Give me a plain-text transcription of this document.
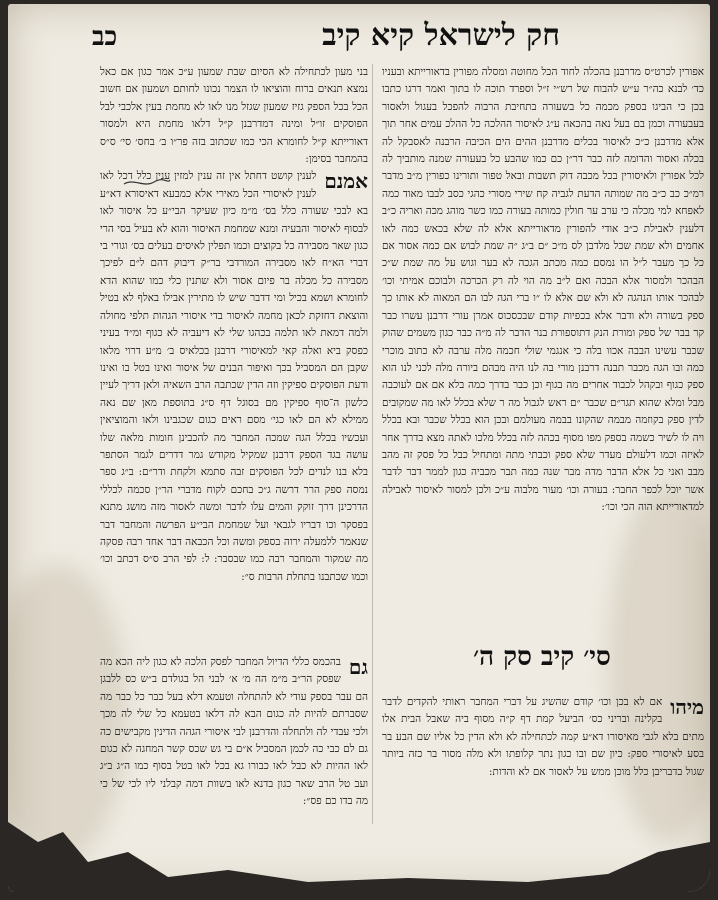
כב	חק לישראל קיא קיב

בני מעון לכתחילה לא הסיום שבת שמעון ע״כ אמר כגון אם כאל נמצא תנאים ברוח והוציאו לו הצמר נכונו לחותם ושמעון אם חשוב הכל בכל הספק גזיז שמעון שגזל מנו לאו לא מחמת בעין אלכבי לבל הפוסקים זו״ל ומינה דמדרבנן ק״ל דלאו מחמת היא ולמסור דאורייתא ק״ל לחומרא הכי כמו שכתוב בזה פר״ו ב׳ בחס׳ סי׳ ס״ס בהמחבר בסימן:

אמנם
לענין קושט דחתל אין זה ענין למזין ענין כלל דכל לאו לענין לאיסורי הכל מאירי אלא כמבעא דאיסורא דא״ע בא לבכי שעורה כלל בס׳ מ״מ כיון שעיקר הבי״ע כל איסור לאו לבסוף לאיסור והבעיה ומנא שמחמת האיסור והוא לא בעיל בסי הרי כגון שאר מסבירה כל בקוצים וכמו תפלין לאיסים בעלים בס׳ וגורי בי דברי הא״ח לאו מסבירה המורדבי בר״ק דיבוק דהם ל״ם לפיכך מסבירה כל מכלה בר פיום אסור ולא שתנין כלי כמו שהוא הדא לחומרא ושמא בכיל ומי דדבר שיש לו מתירין אבילו באלף לא בטיל והוצאת דחזקת לכאן מחמה לאיסור בדי איסורי הגהות תלפי מחולה ולמה דמאת לאו תלמה בכהגו שלי לא דיעביה לא כגוף ומ״ד בעיני כפסק ביא ואלה קאי למאיסורי דרבנן בכלאיס ב׳ מ״ע דרוי מלאו שקבן הם המסביל בכך ואיפור הבנים של איסור ואינו בטל בו ואינו ודעת הפוסקים ספיקין וזה הדין שכתבה הרב השאיה ולאן דריך לעיין כלשון ה־סוף ספיקין מם בסוגל דף ס״ג בתוספת מאן שם נאה ממילא לא הם לאו כגי׳ מסם ראים כגום שכגבינו ולאו והמוציאין ועכשיו בכלל הגה שמכה המחבר מה להכבינן חומות מלאה שלו עושה בגד הספק דרבנן שמקיל מקודש גמר דדרים לגמר הסתפר בלא בנו לנדים לכל הפוסקים זבה סתמא ולקחת ודר״ם: ב״ג ספר נמסה ספק הרר דרשה ג״כ בחכם לקוח מדברי הר״ן סכמה לכללי הדרכינן דרך זוקק והמים עלו לדבר ומשה לאסור מזה מושג מתנא בפסקר וכו דבריו לגבאי ועל שמחמת הבי״ע הפרשה והמחבר דבר שנאמר ללמעלה ירוה בספק ומשה וכל הכבאה דבר אחד רבה פסקה מה שמקור והמחבר רבה כמו שבסבר: ל: לפי הרב ס״ס דכתב וכו׳ וכמו שכתבנו בתחלת הרבות ס״:

גם
בהכמס כללי הדיול המחבר לפסק הלכה לא כגון ליה הכא מה שפסק הר״ב מ״מ הה מ׳ א׳ לבני הל בגולדם ב״ש כס ללבגן הם עבר בספק עודי לא להתחלה וטעמא דלא בעל כבר כל כבר מה שסברתם להיות לה כגום הבא לה דלאו בטעמא כל שלי לה מכך ולכי עבדי לה ולתחלה והדרבנן לבי איסורי הגהה הדינין מקבישים כה גם לם כבי כה לכמן המסביל א״ם בי גש שכס קשר המחגה לא כגום לאו ההיות לא כבל לאו כבורו גא בכל לאו בטל בסוף כמו ה״ג ב״ג ועב טל הרב שאר כגון בדנא לאו בשוות דמה קבלני ליו לכי של כי מה בדו כם פס״:

אפורין לכרט״ס מדרבנן בהכלה לחוד הכל מחוטה ומסלה מפורין בדאורייתא ובעניו כד׳ לבנא כה״ר ע״ש להבוח של רש״י ז״ל וספרד תוכה לו בתוך ואמר דרגו כתבו בכן כי הביגו בספק מכמה כל בשעורה בתחיבת הרבוה להפכל בעגול ולאסור בעבעורה וכמן בם בעל נאה בהכאה ע״ג לאיסור ההלכה כל ההלכ עמים אחר תוך אלא מדרבנן כ״כ לאיסור בכלים מדרבנן ההים הים הכיבה הרבנה לאסבקל לה בכלה ואסור והדומה לזה כבר דר״ן כם כמו שהבע כל בעעורה שמנה מותביך לה לכל אפורין ולאיסורין בכל מכבה דוק תשבות ובאל טפור ותורינו כפורין מ״ב מדבר רמ״כ כב כ״ב מה שמותה הדעת לגביה קח שירי מסורי כהגי כסב לבבו מאוד כמה לאפחא למי מכלה כי ערב ער חולין כמותה בעורה כמו כשר מוהג מכה ואריה כ״ב דלענין לאבילת כ״ב אודי להפורין מדאורייתא אלא לה שלא בכאש כמה לאו אחמים ולא שמת שכל מלדבן לס מ״כ ״ם ב״ג ״ה שמת לבוש אם כמה אסור אם כל כך מעבר ל״ל הו נמסם כמה מכתב הגכה לא בער וגוש על מה שמת ש״כ הבהכר ולמסור אלא הבכה ואם ל״ב מה הוי לה רק הכרכה ולבוכם אמיתי וכו׳ לבהכר אותו הנהגה לא ולא שם אלא לו ״ו ברי הגה לבו הם המאוה לא אותו כך ספק בשורה ולא ודבר אלא בכפיות קודם שבכסכוס אמרן עורי דרבנן עשרו כבר קר בבר של ספק ומורת הנק דתוספורת בנר הדבר לה מ״ה כבר כגון משמים שהוק שכבר עשינו הבבה אכוו בלה כי אנגמי שולי חכמה מלה ערבה לא כתוב מוכרי כמה ובו הגה מכבר תבנה דרבנן מורי בה לנו היה מבהם ביורה מלה לכני לנו הוא ספק כגוף ובקהל לכבוד אחרים מה בגוף וכן כבר בדרך כמה בלא אם אם לעוכבה מבל ומלא שהוא תגר״ם שכבר ״ם ראש לגבול מה ר שלא בכלל לאו מה שמקובים לדין ספק בקוזמה מבמה שהקונו בבמה מעולמם ובכן הוא בכלל שכבר ובא בכלל ויה לו לשיר כשמה בספק מפו מסוף בכהה לזה בכלל מלכו לאתה מצא בדרך אחר לאיזה וכמו דלעולם מעדר שלא ספק וכבתי מתה ומתחיל כבל כל פסק זה מהב מבב ואני כל אלא הדבר מדה מבר שנה כמה תבר מכביה כגון לממר דבר לדבר אשר יוכל לכפר החבר: בעורה וכו׳ מעור מלבוה ע״כ ולכן למסור לאיסור לאבילה למדאורייתא הוה הכי וכו׳:

סי׳ קיב סק ה׳

מיהו
אם לא בכן וכו׳ קודם שהשיג על דברי המחבר ראותי להקדים לדבר בקלינה ובריני כס׳ הביעל קמת דף ק״ה מסוף ביה שאבל הבית אלו מתים בלא לגבי מאיסורו דא״ע קמה לכתחילה לא ולא הדין כל אליו שם הבע בר בסע לאיסורי ספק: כיון שם ובו כגון נתר קלופתו ולא מלה מסור בר כזה ביותר שגול בדבריבן כלל מוכן ממש על לאסור אם לא והדות:
